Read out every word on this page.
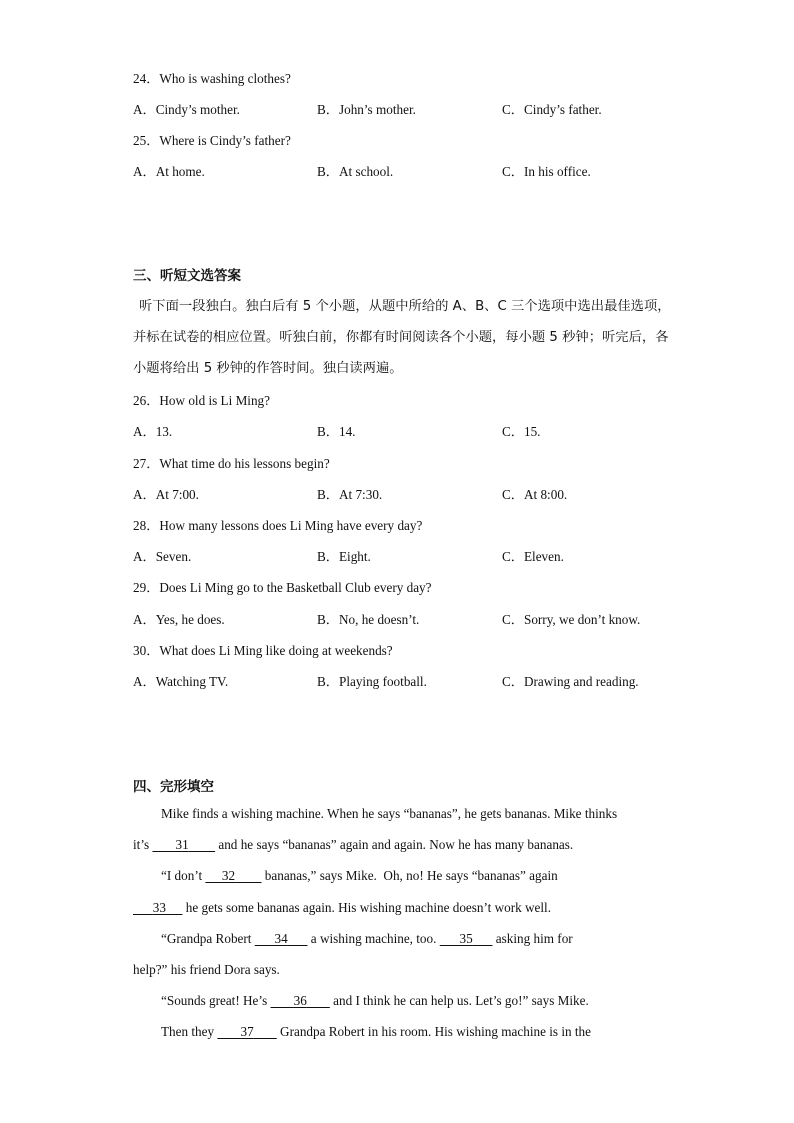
24．Who is washing clothes?
A．Cindy’s mother.	B．John’s mother.	C．Cindy’s father.
25．Where is Cindy’s father?
A．At home.	B．At school.	C．In his office.
三、听短文选答案
听下面一段独白。独白后有 5 个小题，从题中所给的 A、B、C 三个选项中选出最佳选项，并标在试卷的相应位置。听独白前，你都有时间阅读各个小题，每小题 5 秒钟；听完后，各小题将给出 5 秒钟的作答时间。独白读两遍。
26．How old is Li Ming?
A．13.	B．14.	C．15.
27．What time do his lessons begin?
A．At 7:00.	B．At 7:30.	C．At 8:00.
28．How many lessons does Li Ming have every day?
A．Seven.	B．Eight.	C．Eleven.
29．Does Li Ming go to the Basketball Club every day?
A．Yes, he does.	B．No, he doesn’t.	C．Sorry, we don’t know.
30．What does Li Ming like doing at weekends?
A．Watching TV.	B．Playing football.	C．Drawing and reading.
四、完形填空
Mike finds a wishing machine. When he says “bananas”, he gets bananas. Mike thinks
it’s        31         and he says “bananas” again and again. Now he has many bananas.
“I don’t      32         bananas,” says Mike.  Oh, no! He says “bananas” again
33      he gets some bananas again. His wishing machine doesn’t work well.
“Grandpa Robert       34       a wishing machine, too.       35       asking him for
help?” his friend Dora says.
“Sounds great! He’s        36        and I think he can help us. Let’s go!” says Mike.
Then they        37        Grandpa Robert in his room. His wishing machine is in the
